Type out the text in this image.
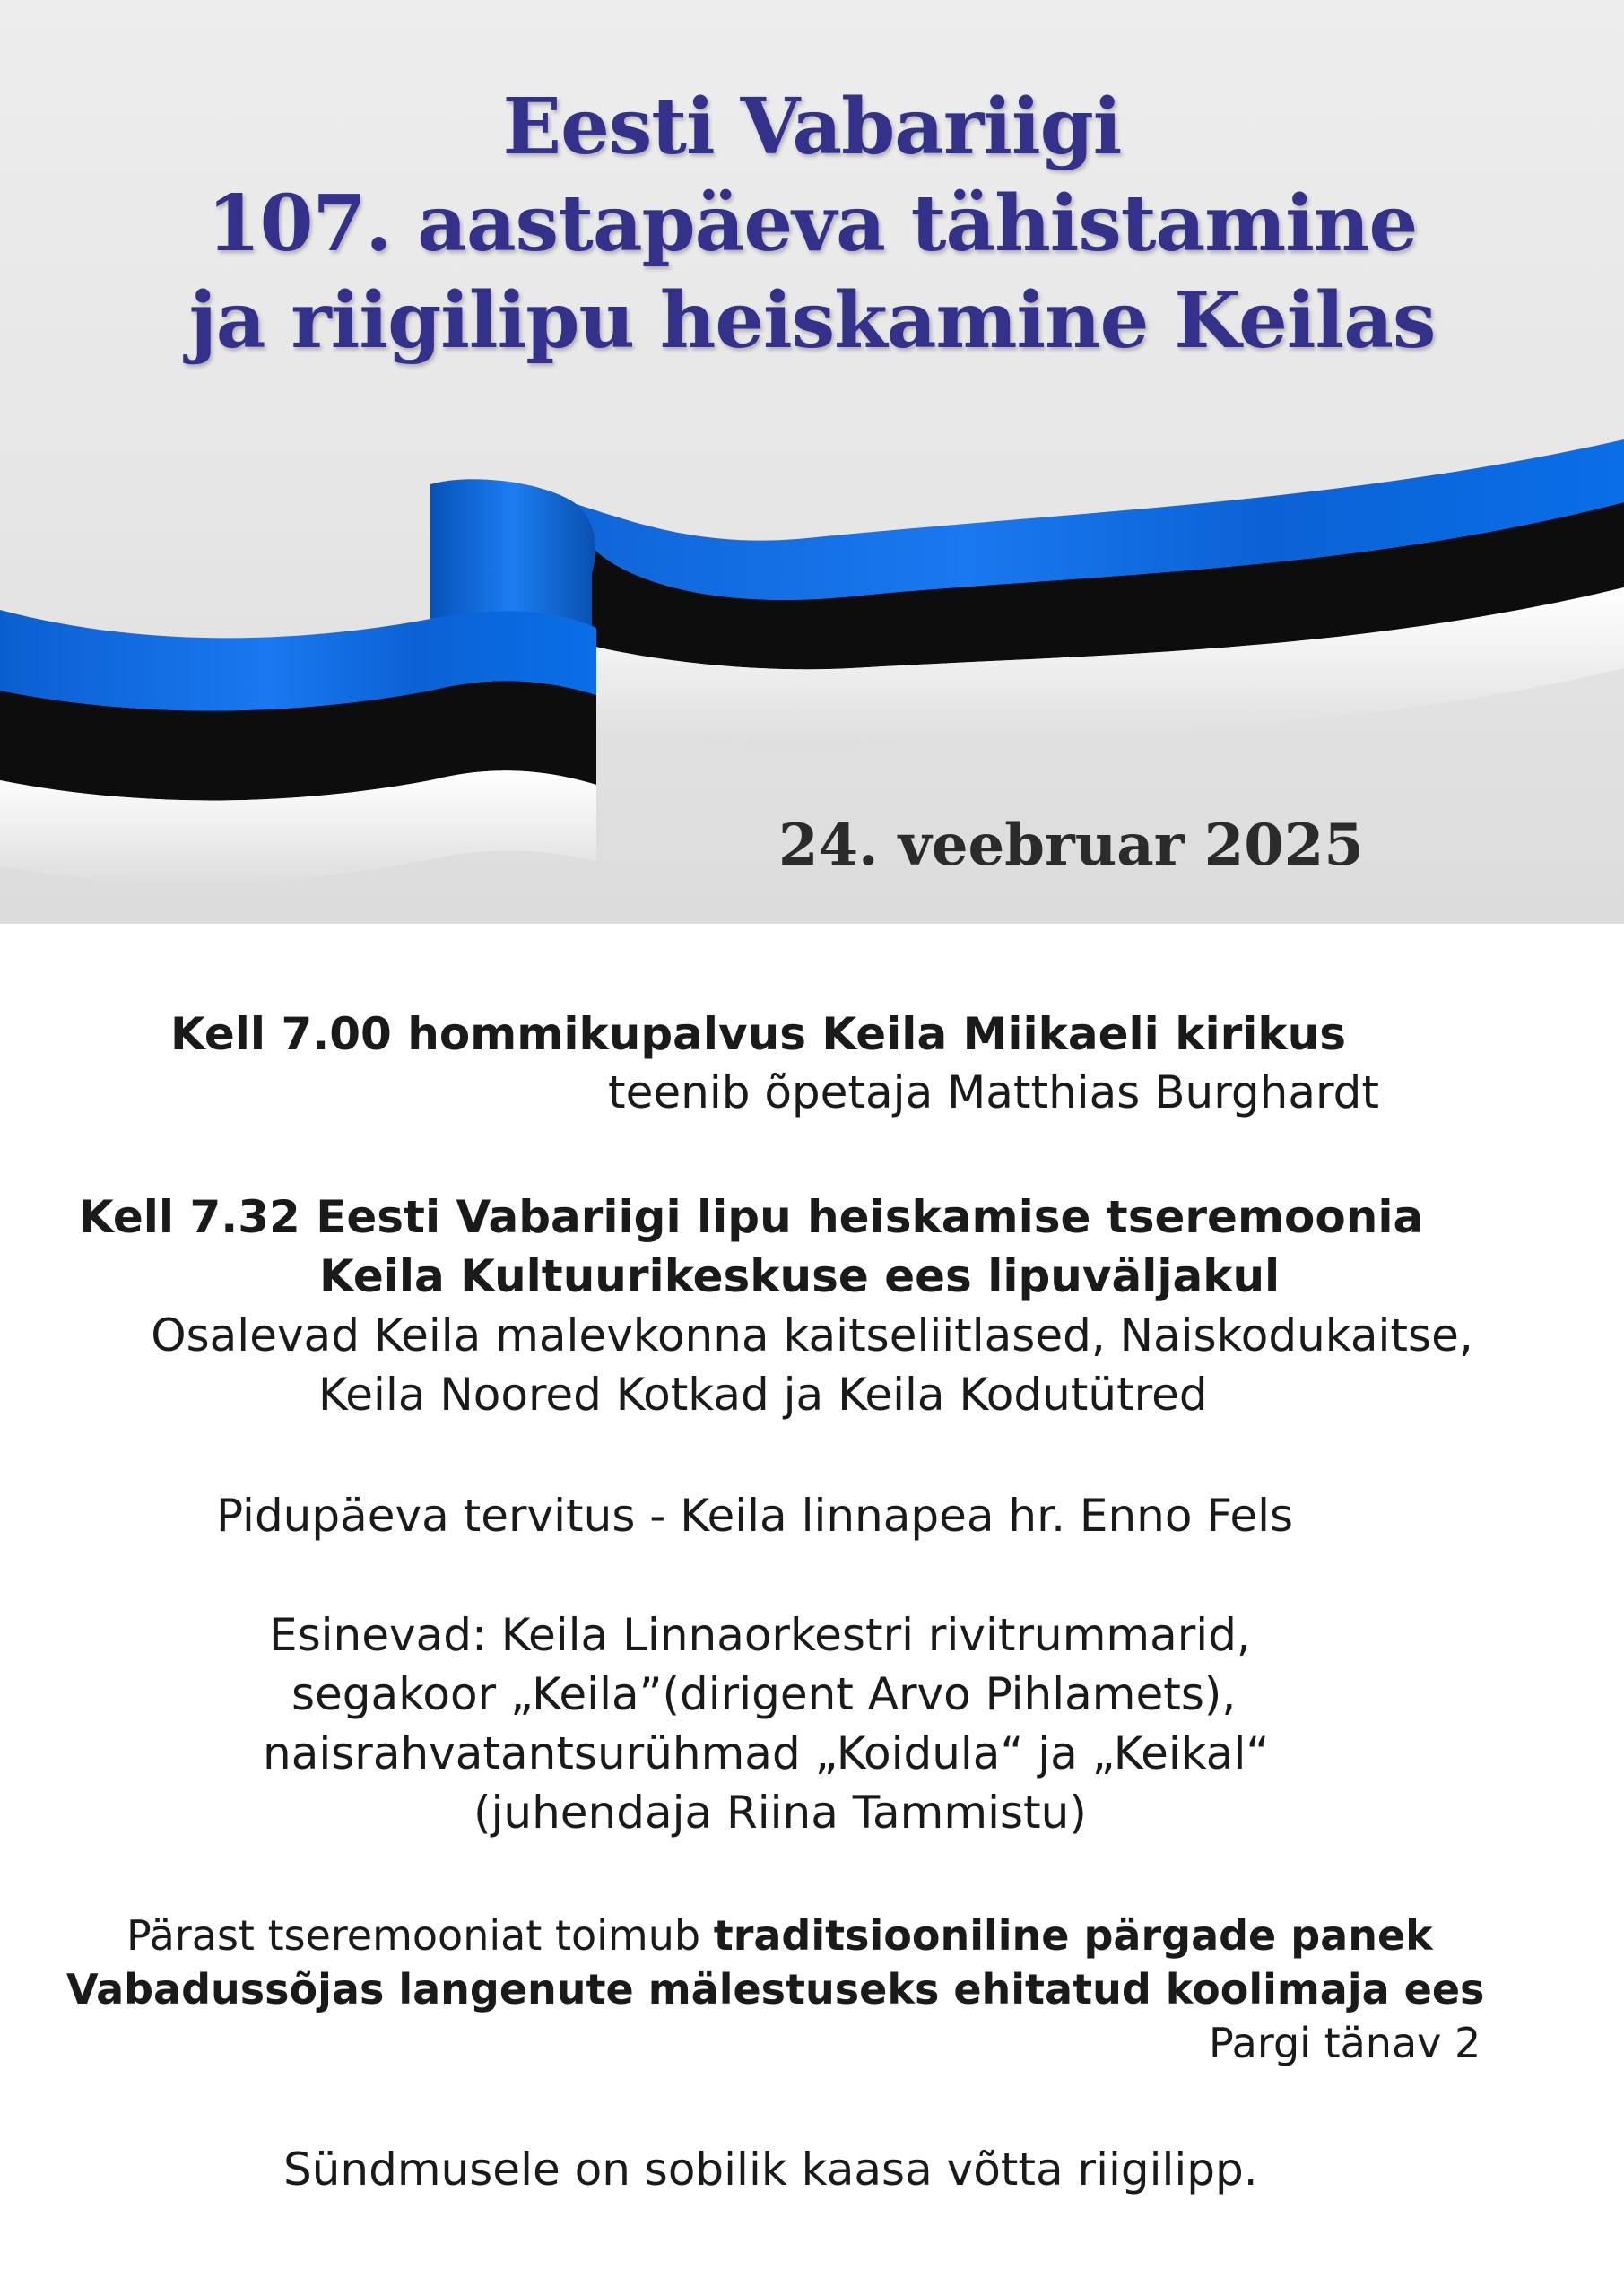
Eesti Vabariigi
107. aastapäeva tähistamine
ja riigilipu heiskamine Keilas
24. veebruar 2025
Kell 7.00 hommikupalvus Keila Miikaeli kirikus
teenib õpetaja Matthias Burghardt
Kell 7.32 Eesti Vabariigi lipu heiskamise tseremoonia
Keila Kultuurikeskuse ees lipuväljakul
Osalevad Keila malevkonna kaitseliitlased, Naiskodukaitse,
Keila Noored Kotkad ja Keila Kodutütred
Pidupäeva tervitus - Keila linnapea hr. Enno Fels
Esinevad: Keila Linnaorkestri rivitrummarid,
segakoor „Keila”(dirigent Arvo Pihlamets),
naisrahvatantsurühmad „Koidula“ ja „Keikal“
(juhendaja Riina Tammistu)
Pärast tseremooniat toimub traditsiooniline pärgade panek
Vabadussõjas langenute mälestuseks ehitatud koolimaja ees
Pargi tänav 2
Sündmusele on sobilik kaasa võtta riigilipp.
